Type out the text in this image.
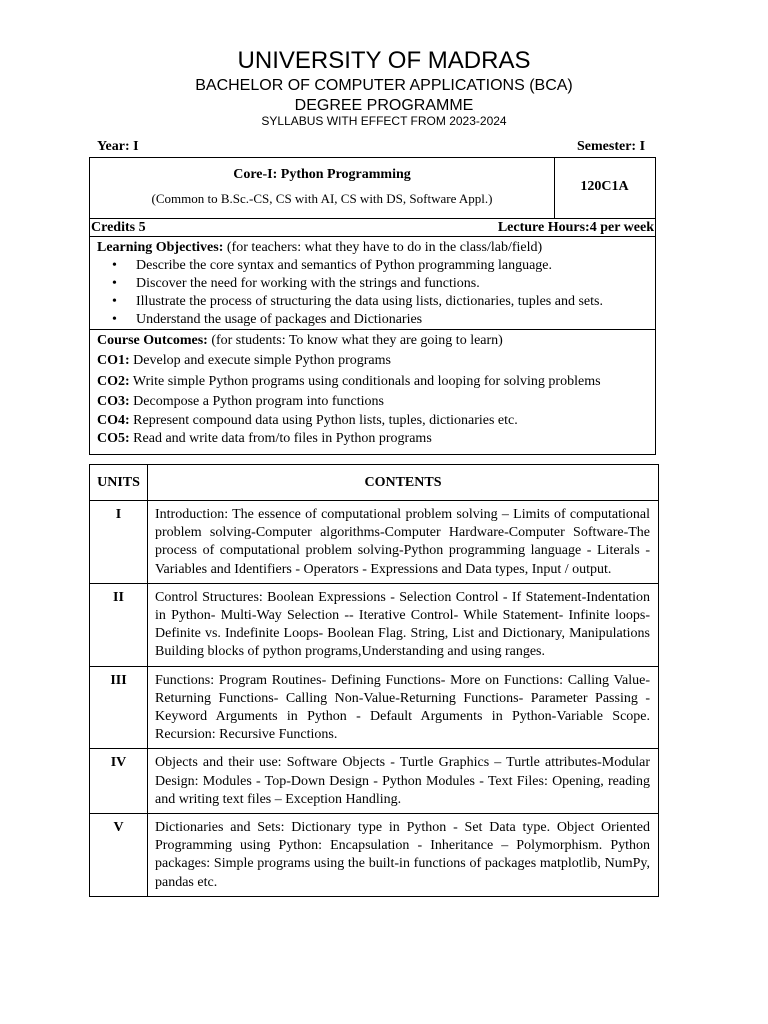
UNIVERSITY OF MADRAS
BACHELOR OF COMPUTER APPLICATIONS (BCA)
DEGREE PROGRAMME
SYLLABUS WITH EFFECT FROM 2023-2024
Year: I	Semester: I
Core-I: Python Programming
(Common to B.Sc.-CS, CS with AI, CS with DS, Software Appl.)
120C1A
Credits 5	Lecture Hours:4 per week
Learning Objectives: (for teachers: what they have to do in the class/lab/field)
• Describe the core syntax and semantics of Python programming language.
• Discover the need for working with the strings and functions.
• Illustrate the process of structuring the data using lists, dictionaries, tuples and sets.
• Understand the usage of packages and Dictionaries
Course Outcomes: (for students: To know what they are going to learn)
CO1: Develop and execute simple Python programs
CO2: Write simple Python programs using conditionals and looping for solving problems
CO3: Decompose a Python program into functions
CO4: Represent compound data using Python lists, tuples, dictionaries etc.
CO5: Read and write data from/to files in Python programs
UNITS	CONTENTS
I	Introduction: The essence of computational problem solving – Limits of computational problem solving-Computer algorithms-Computer Hardware-Computer Software-The process of computational problem solving-Python programming language - Literals - Variables and Identifiers - Operators - Expressions and Data types, Input / output.
II	Control Structures: Boolean Expressions - Selection Control - If Statement-Indentation in Python- Multi-Way Selection -- Iterative Control- While Statement- Infinite loops- Definite vs. Indefinite Loops- Boolean Flag. String, List and Dictionary, Manipulations Building blocks of python programs,Understanding and using ranges.
III	Functions: Program Routines- Defining Functions- More on Functions: Calling Value-Returning Functions- Calling Non-Value-Returning Functions- Parameter Passing - Keyword Arguments in Python - Default Arguments in Python-Variable Scope. Recursion: Recursive Functions.
IV	Objects and their use: Software Objects - Turtle Graphics – Turtle attributes-Modular Design: Modules - Top-Down Design - Python Modules - Text Files: Opening, reading and writing text files – Exception Handling.
V	Dictionaries and Sets: Dictionary type in Python - Set Data type. Object Oriented Programming using Python: Encapsulation - Inheritance – Polymorphism. Python packages: Simple programs using the built-in functions of packages matplotlib, NumPy, pandas etc.
